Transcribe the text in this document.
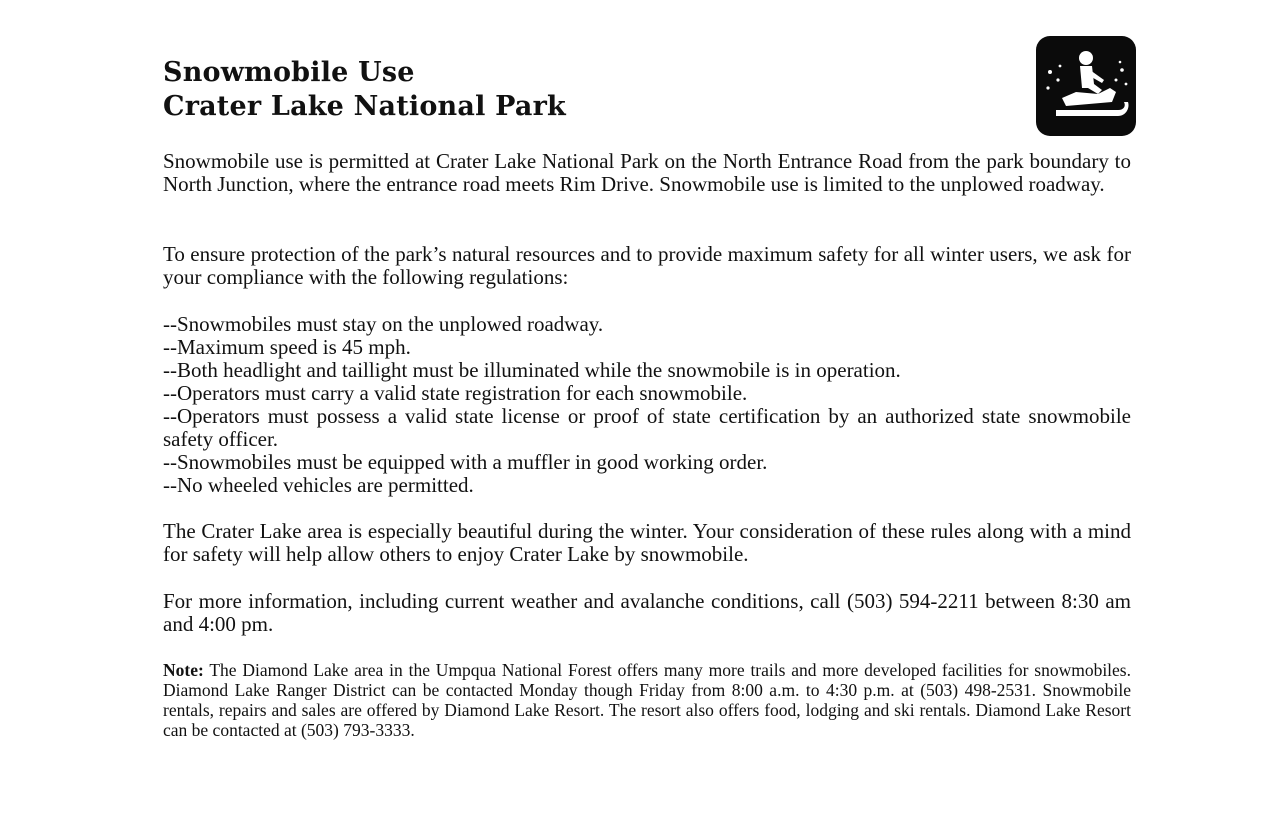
Snowmobile Use
Crater Lake National Park

Snowmobile use is permitted at Crater Lake National Park on the North Entrance Road from the park boundary to North Junction, where the entrance road meets Rim Drive. Snowmobile use is limited to the unplowed roadway.

To ensure protection of the park’s natural resources and to provide maximum safety for all winter users, we ask for your compliance with the following regulations:

--Snowmobiles must stay on the unplowed roadway.
--Maximum speed is 45 mph.
--Both headlight and taillight must be illuminated while the snowmobile is in operation.
--Operators must carry a valid state registration for each snowmobile.
--Operators must possess a valid state license or proof of state certification by an authorized state snowmobile safety officer.
--Snowmobiles must be equipped with a muffler in good working order.
--No wheeled vehicles are permitted.

The Crater Lake area is especially beautiful during the winter. Your consideration of these rules along with a mind for safety will help allow others to enjoy Crater Lake by snowmobile.

For more information, including current weather and avalanche conditions, call (503) 594-2211 between 8:30 am and 4:00 pm.

Note: The Diamond Lake area in the Umpqua National Forest offers many more trails and more developed facilities for snowmobiles. Diamond Lake Ranger District can be contacted Monday though Friday from 8:00 a.m. to 4:30 p.m. at (503) 498-2531. Snowmobile rentals, repairs and sales are offered by Diamond Lake Resort. The resort also offers food, lodging and ski rentals. Diamond Lake Resort can be contacted at (503) 793-3333.
